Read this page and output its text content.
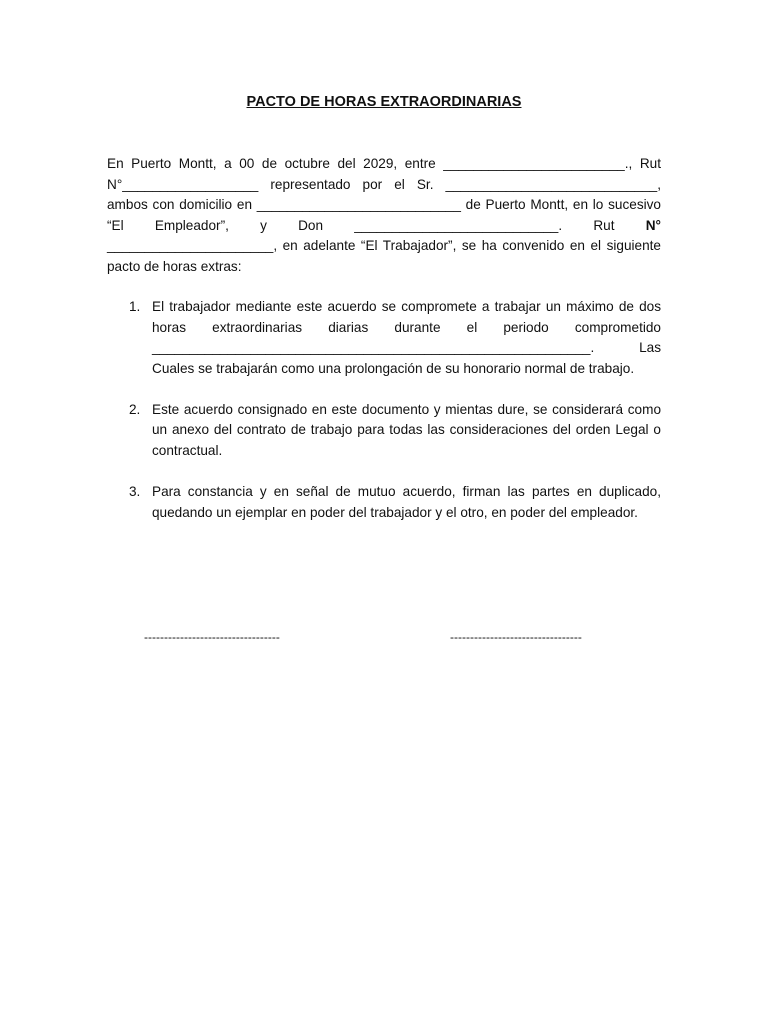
PACTO DE HORAS EXTRAORDINARIAS

En Puerto Montt, a 00 de octubre del 2029, entre ________________________., Rut N°__________________ representado por el Sr. ____________________________, ambos con domicilio en ___________________________ de Puerto Montt, en lo sucesivo “El Empleador”, y Don ___________________________. Rut N° ______________________, en adelante “El Trabajador”, se ha convenido en el siguiente pacto de horas extras:

1. El trabajador mediante este acuerdo se compromete a trabajar un máximo de dos horas extraordinarias diarias durante el periodo comprometido __________________________________________________________. Las Cuales se trabajarán como una prolongación de su honorario normal de trabajo.
2. Este acuerdo consignado en este documento y mientas dure, se considerará como un anexo del contrato de trabajo para todas las consideraciones del orden Legal o contractual.
3. Para constancia y en señal de mutuo acuerdo, firman las partes en duplicado, quedando un ejemplar en poder del trabajador y el otro, en poder del empleador.
----------------------------------	---------------------------------
